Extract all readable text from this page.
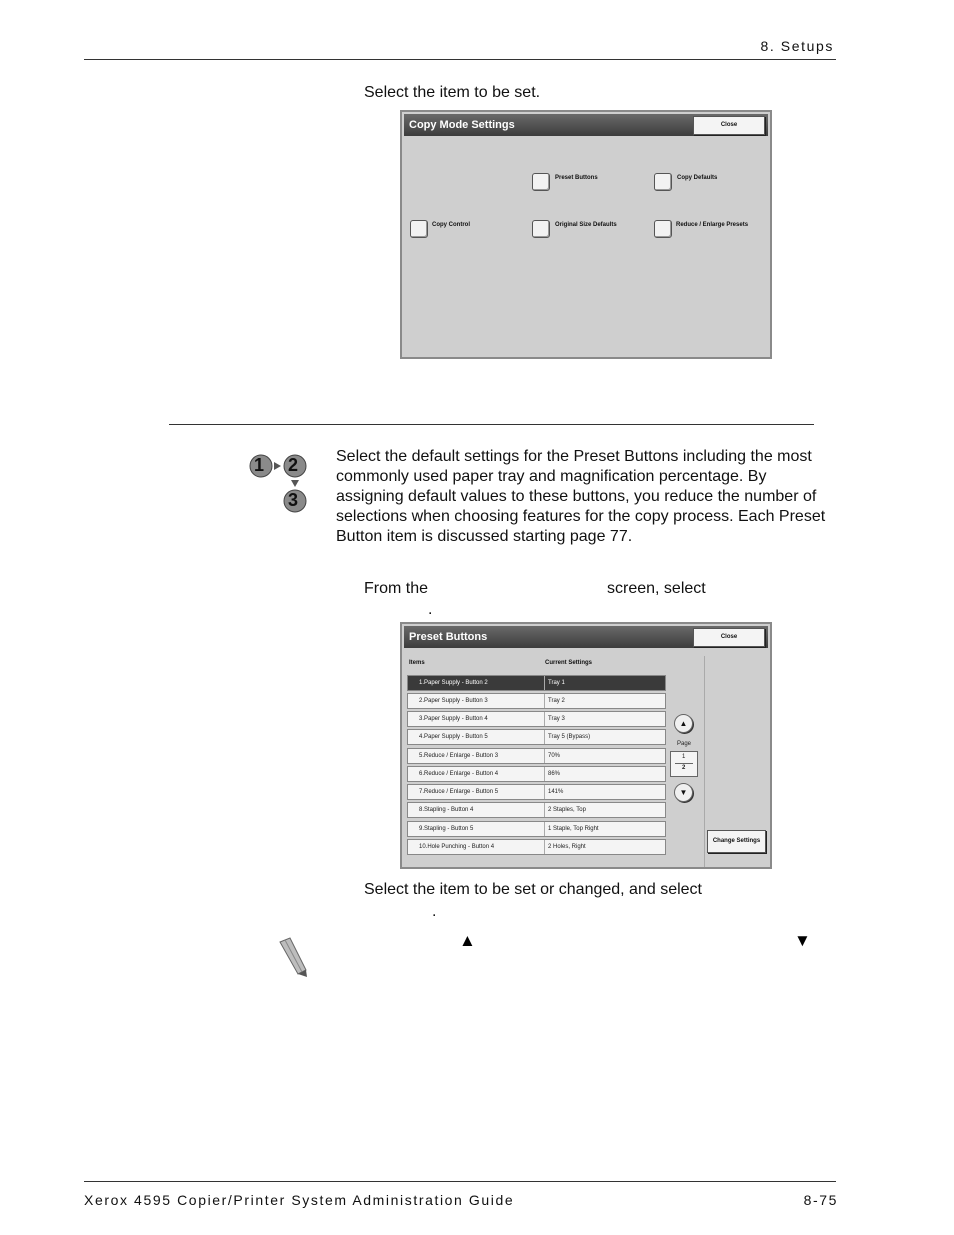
8. Setups
Select the item to be set.
Copy Mode Settings	Close
Preset Buttons	Copy Defaults
Copy Control	Original Size Defaults	Reduce / Enlarge Presets
1 2
3
Select the default settings for the Preset Buttons including the most commonly used paper tray and magnification percentage. By assigning default values to these buttons, you reduce the number of selections when choosing features for the copy process. Each Preset Button item is discussed starting page 77.
From the	screen, select
.
Preset Buttons	Close
Items	Current Settings
1.Paper Supply - Button 2	Tray 1
2.Paper Supply - Button 3	Tray 2
3.Paper Supply - Button 4	Tray 3
4.Paper Supply - Button 5	Tray 5 (Bypass)
5.Reduce / Enlarge - Button 3	70%
6.Reduce / Enlarge - Button 4	86%
7.Reduce / Enlarge - Button 5	141%
8.Stapling - Button 4	2 Staples, Top
9.Stapling - Button 5	1 Staple, Top Right
10.Hole Punching - Button 4	2 Holes, Right
▲
Page
1
2
▼
Change Settings
Select the item to be set or changed, and select
.
▲	▼
Xerox 4595 Copier/Printer System Administration Guide	8-75
